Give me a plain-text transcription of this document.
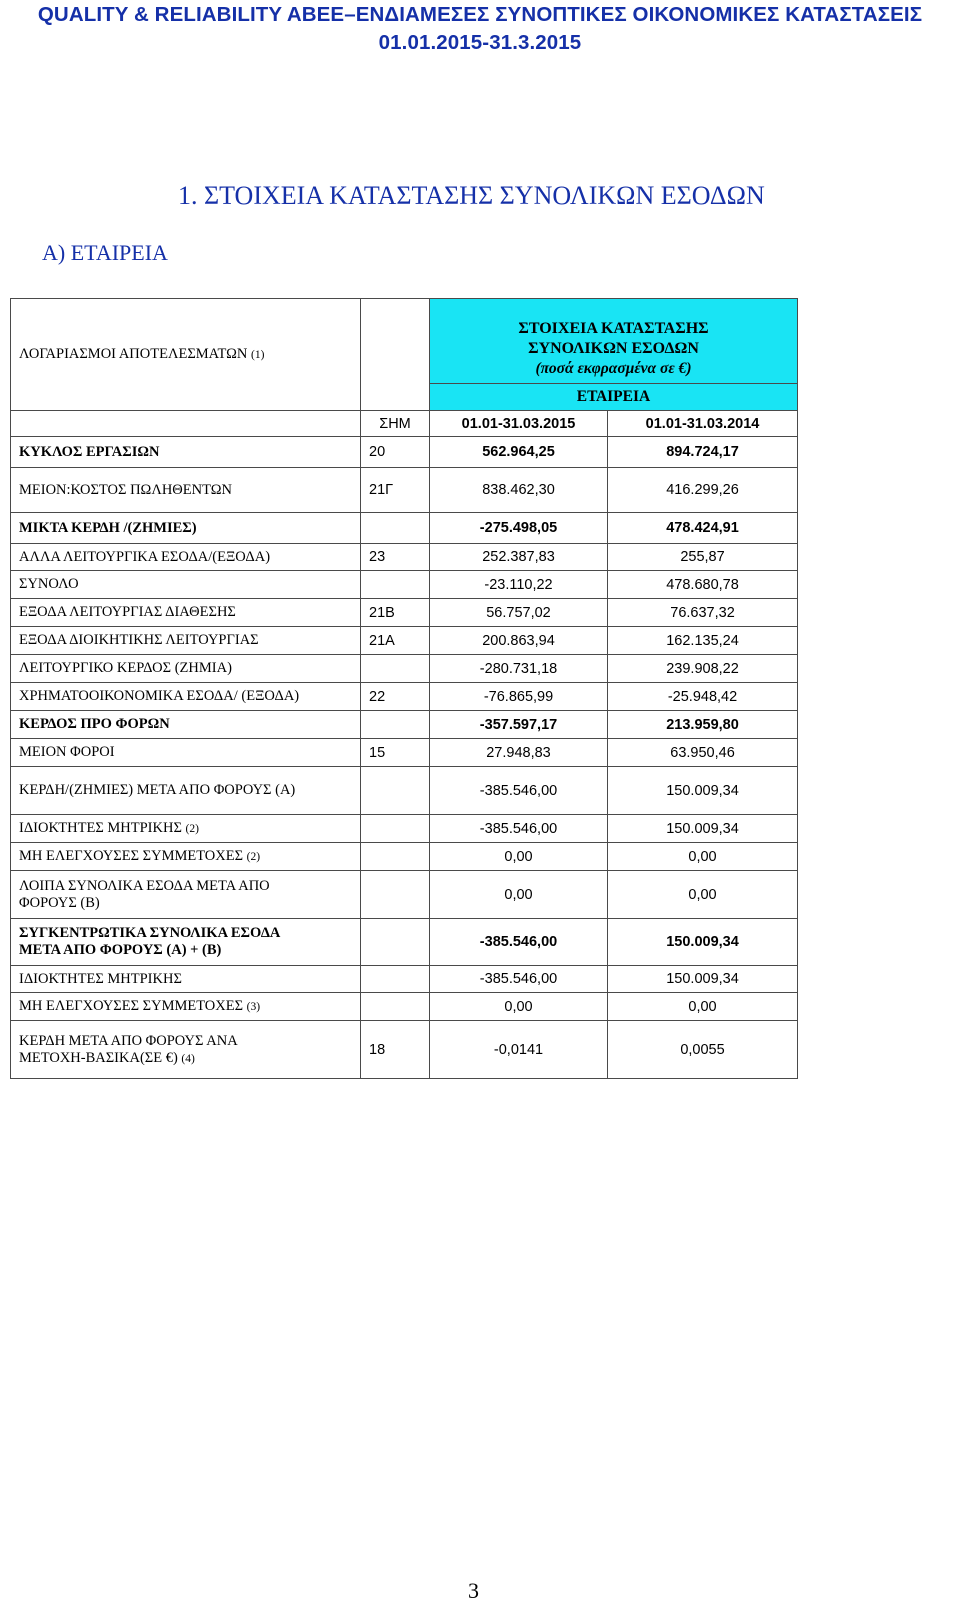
QUALITY & RELIABILITY ABEE–ΕΝΔΙΑΜΕΣΕΣ ΣΥΝΟΠΤΙΚΕΣ ΟΙΚΟΝΟΜΙΚΕΣ ΚΑΤΑΣΤΑΣΕΙΣ
01.01.2015-31.3.2015
1. ΣΤΟΙΧΕΙΑ ΚΑΤΑΣΤΑΣΗΣ ΣΥΝΟΛΙΚΩΝ ΕΣΟΔΩΝ
Α) ΕΤΑΙΡΕΙΑ
ΛΟΓΑΡΙΑΣΜΟΙ ΑΠΟΤΕΛΕΣΜΑΤΩΝ (1)		ΣΤΟΙΧΕΙΑ ΚΑΤΑΣΤΑΣΗΣ
ΣΥΝΟΛΙΚΩΝ ΕΣΟΔΩΝ
(ποσά εκφρασμένα σε €)	

		ΕΤΑΙΡΕΙΑ	
	ΣΗΜ	01.01-31.03.2015	01.01-31.03.2014
ΚΥΚΛΟΣ ΕΡΓΑΣΙΩΝ	20	562.964,25	894.724,17
ΜΕΙΟΝ:ΚΟΣΤΟΣ ΠΩΛΗΘΕΝΤΩΝ	21Γ	838.462,30	416.299,26
ΜΙΚΤΑ ΚΕΡΔΗ /(ΖΗΜΙΕΣ)		-275.498,05	478.424,91
ΑΛΛΑ ΛΕΙΤΟΥΡΓΙΚΑ ΕΣΟΔΑ/(ΕΞΟΔΑ)	23	252.387,83	255,87
ΣΥΝΟΛΟ		-23.110,22	478.680,78
ΕΞΟΔΑ ΛΕΙΤΟΥΡΓΙΑΣ ΔΙΑΘΕΣΗΣ	21Β	56.757,02	76.637,32
ΕΞΟΔΑ ΔΙΟΙΚΗΤΙΚΗΣ ΛΕΙΤΟΥΡΓΙΑΣ	21Α	200.863,94	162.135,24
ΛΕΙΤΟΥΡΓΙΚΟ ΚΕΡΔΟΣ (ΖΗΜΙΑ)		-280.731,18	239.908,22
ΧΡΗΜΑΤΟΟΙΚΟΝΟΜΙΚΑ ΕΣΟΔΑ/ (ΕΞΟΔΑ)	22	-76.865,99	-25.948,42
ΚΕΡΔΟΣ ΠΡΟ ΦΟΡΩΝ		-357.597,17	213.959,80
ΜΕΙΟΝ ΦΟΡΟΙ	15	27.948,83	63.950,46
ΚΕΡΔΗ/(ΖΗΜΙΕΣ) ΜΕΤΑ ΑΠΟ ΦΟΡΟΥΣ (Α)		-385.546,00	150.009,34
ΙΔΙΟΚΤΗΤΕΣ ΜΗΤΡΙΚΗΣ (2)		-385.546,00	150.009,34
ΜΗ ΕΛΕΓΧΟΥΣΕΣ ΣΥΜΜΕΤΟΧΕΣ (2)		0,00	0,00

ΛΟΙΠΑ ΣΥΝΟΛΙΚΑ ΕΣΟΔΑ ΜΕΤΑ ΑΠΟ
ΦΟΡΟΥΣ (Β)		0,00	0,00

ΣΥΓΚΕΝΤΡΩΤΙΚΑ ΣΥΝΟΛΙΚΑ ΕΣΟΔΑ
ΜΕΤΑ ΑΠΟ ΦΟΡΟΥΣ (Α) + (Β)		-385.546,00	150.009,34
ΙΔΙΟΚΤΗΤΕΣ ΜΗΤΡΙΚΗΣ		-385.546,00	150.009,34
ΜΗ ΕΛΕΓΧΟΥΣΕΣ ΣΥΜΜΕΤΟΧΕΣ (3)		0,00	0,00

ΚΕΡΔΗ ΜΕΤΑ ΑΠΟ ΦΟΡΟΥΣ ΑΝΑ
ΜΕΤΟΧΗ-ΒΑΣΙΚΑ(ΣΕ €) (4)	18	-0,0141	0,0055
3
